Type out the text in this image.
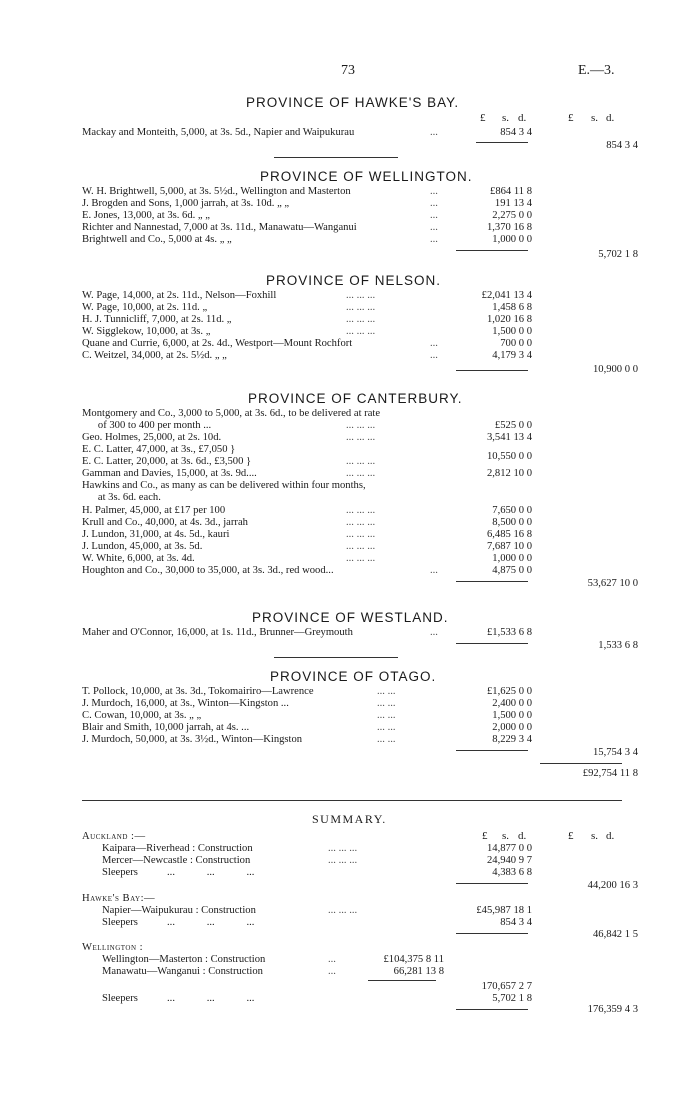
73	E.—3.
PROVINCE OF HAWKE'S BAY.
£ s. d.	£ s. d.
Mackay and Monteith, 5,000, at 3s. 5d., Napier and Waipukurau	...	854 3 4
854 3 4
PROVINCE OF WELLINGTON.
W. H. Brightwell, 5,000, at 3s. 5½d., Wellington and Masterton	...	£864 11 8
J. Brogden and Sons, 1,000 jarrah, at 3s. 10d. „ „	...	191 13 4
E. Jones, 13,000, at 3s. 6d. „ „	...	2,275 0 0
Richter and Nannestad, 7,000 at 3s. 11d., Manawatu—Wanganui	...	1,370 16 8
Brightwell and Co., 5,000 at 4s. „ „	...	1,000 0 0
5,702 1 8
PROVINCE OF NELSON.
W. Page, 14,000, at 2s. 11d., Nelson—Foxhill	... ... ...	£2,041 13 4
W. Page, 10,000, at 2s. 11d. „	... ... ...	1,458 6 8
H. J. Tunnicliff, 7,000, at 2s. 11d. „	... ... ...	1,020 16 8
W. Sigglekow, 10,000, at 3s. „	... ... ...	1,500 0 0
Quane and Currie, 6,000, at 2s. 4d., Westport—Mount Rochfort	...	700 0 0
C. Weitzel, 34,000, at 2s. 5½d. „ „	...	4,179 3 4
10,900 0 0
PROVINCE OF CANTERBURY.
Montgomery and Co., 3,000 to 5,000, at 3s. 6d., to be delivered at rate
of 300 to 400 per month ...	... ... ...	£525 0 0
Geo. Holmes, 25,000, at 2s. 10d.	... ... ...	3,541 13 4
E. C. Latter, 47,000, at 3s., £7,050 }
E. C. Latter, 20,000, at 3s. 6d., £3,500 }	... ... ...	10,550 0 0
Gamman and Davies, 15,000, at 3s. 9d....	... ... ...	2,812 10 0
Hawkins and Co., as many as can be delivered within four months,
at 3s. 6d. each.
H. Palmer, 45,000, at £17 per 100	... ... ...	7,650 0 0
Krull and Co., 40,000, at 4s. 3d., jarrah	... ... ...	8,500 0 0
J. Lundon, 31,000, at 4s. 5d., kauri	... ... ...	6,485 16 8
J. Lundon, 45,000, at 3s. 5d.	... ... ...	7,687 10 0
W. White, 6,000, at 3s. 4d.	... ... ...	1,000 0 0
Houghton and Co., 30,000 to 35,000, at 3s. 3d., red wood...	...	4,875 0 0
53,627 10 0
PROVINCE OF WESTLAND.
Maher and O'Connor, 16,000, at 1s. 11d., Brunner—Greymouth	...	£1,533 6 8
1,533 6 8
PROVINCE OF OTAGO.
T. Pollock, 10,000, at 3s. 3d., Tokomairiro—Lawrence	... ...	£1,625 0 0
J. Murdoch, 16,000, at 3s., Winton—Kingston ...	... ...	2,400 0 0
C. Cowan, 10,000, at 3s. „ „	... ...	1,500 0 0
Blair and Smith, 10,000 jarrah, at 4s. ...	... ...	2,000 0 0
J. Murdoch, 50,000, at 3s. 3½d., Winton—Kingston	... ...	8,229 3 4
15,754 3 4
£92,754 11 8
SUMMARY.
£ s. d.	£ s. d.
Auckland :—
Kaipara—Riverhead : Construction	... ... ...	14,877 0 0
Mercer—Newcastle : Construction	... ... ...	24,940 9 7
Sleepers           ...            ...            ...	4,383 6 8
44,200 16 3
Hawke's Bay:—
Napier—Waipukurau : Construction	... ... ...	£45,987 18 1
Sleepers           ...            ...            ...	854 3 4
46,842 1 5
Wellington :
Wellington—Masterton : Construction	...	£104,375 8 11
Manawatu—Wanganui : Construction	...	66,281 13 8
170,657 2 7
Sleepers           ...            ...            ...	5,702 1 8
176,359 4 3
